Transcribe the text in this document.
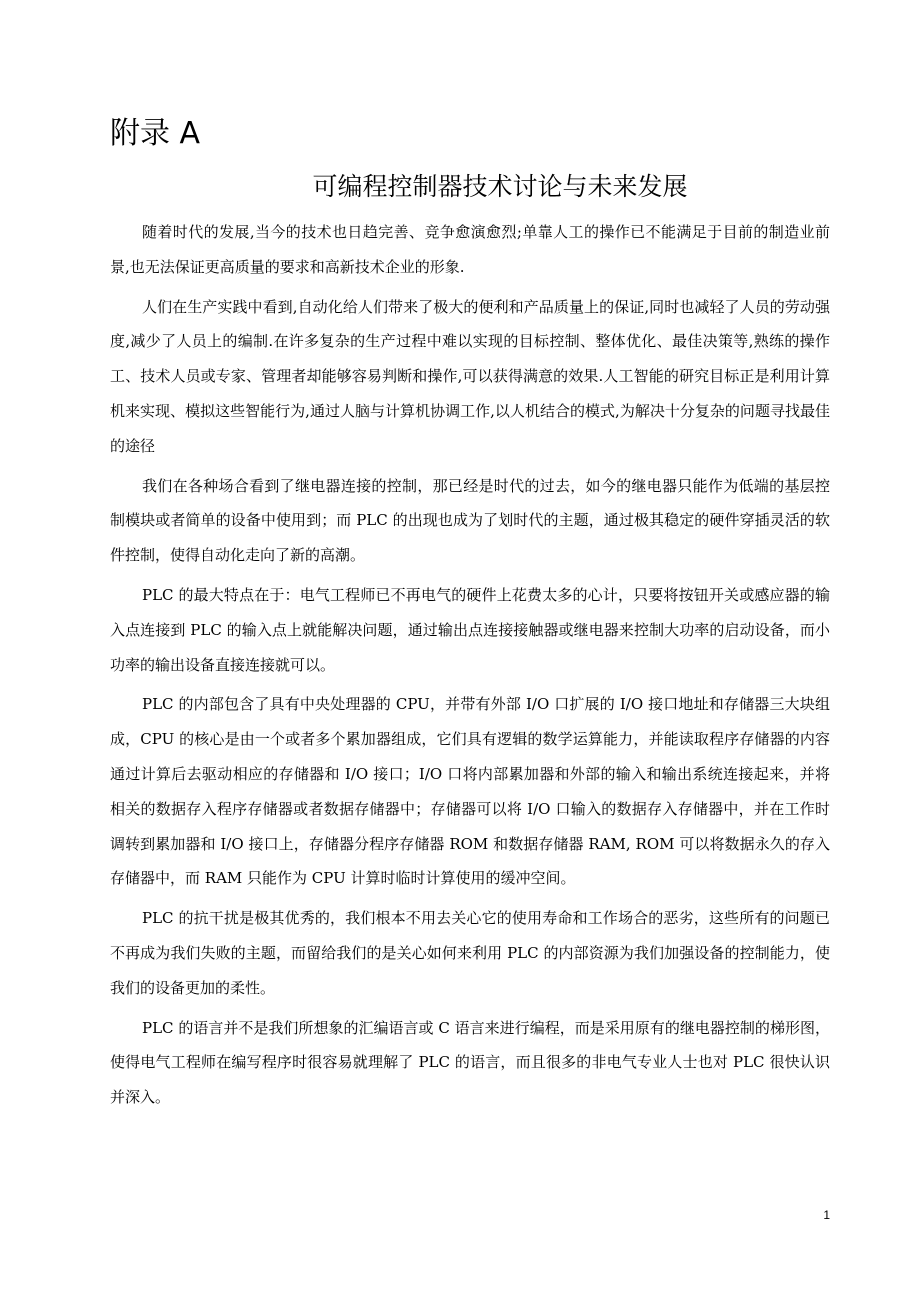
附录 A
可编程控制器技术讨论与未来发展

随着时代的发展,当今的技术也日趋完善、竞争愈演愈烈;单靠人工的操作已不能满足于目前的制造业前景,也无法保证更高质量的要求和高新技术企业的形象.

人们在生产实践中看到,自动化给人们带来了极大的便利和产品质量上的保证,同时也减轻了人员的劳动强度,减少了人员上的编制.在许多复杂的生产过程中难以实现的目标控制、整体优化、最佳决策等,熟练的操作工、技术人员或专家、管理者却能够容易判断和操作,可以获得满意的效果.人工智能的研究目标正是利用计算机来实现、模拟这些智能行为,通过人脑与计算机协调工作,以人机结合的模式,为解决十分复杂的问题寻找最佳的途径

我们在各种场合看到了继电器连接的控制，那已经是时代的过去，如今的继电器只能作为低端的基层控制模块或者简单的设备中使用到；而 PLC 的出现也成为了划时代的主题，通过极其稳定的硬件穿插灵活的软件控制，使得自动化走向了新的高潮。

PLC 的最大特点在于：电气工程师已不再电气的硬件上花费太多的心计，只要将按钮开关或感应器的输入点连接到 PLC 的输入点上就能解决问题，通过输出点连接接触器或继电器来控制大功率的启动设备，而小功率的输出设备直接连接就可以。

PLC 的内部包含了具有中央处理器的 CPU，并带有外部 I/O 口扩展的 I/O 接口地址和存储器三大块组成，CPU 的核心是由一个或者多个累加器组成，它们具有逻辑的数学运算能力，并能读取程序存储器的内容通过计算后去驱动相应的存储器和 I/O 接口；I/O 口将内部累加器和外部的输入和输出系统连接起来，并将相关的数据存入程序存储器或者数据存储器中；存储器可以将 I/O 口输入的数据存入存储器中，并在工作时调转到累加器和 I/O 接口上，存储器分程序存储器 ROM 和数据存储器 RAM, ROM 可以将数据永久的存入存储器中，而 RAM 只能作为 CPU 计算时临时计算使用的缓冲空间。

PLC 的抗干扰是极其优秀的，我们根本不用去关心它的使用寿命和工作场合的恶劣，这些所有的问题已不再成为我们失败的主题，而留给我们的是关心如何来利用 PLC 的内部资源为我们加强设备的控制能力，使我们的设备更加的柔性。

PLC 的语言并不是我们所想象的汇编语言或 C 语言来进行编程，而是采用原有的继电器控制的梯形图，使得电气工程师在编写程序时很容易就理解了 PLC 的语言，而且很多的非电气专业人士也对 PLC 很快认识并深入。

1
